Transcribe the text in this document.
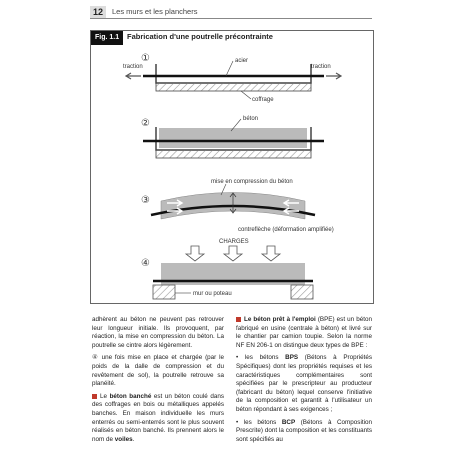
12	Les murs et les planchers
①
traction	traction
acier
coffrage
②	béton
③
mise en compression du béton
contreflèche (déformation amplifiée)
④
CHARGES
mur ou poteau
Fig. 1.1	Fabrication d'une poutrelle précontrainte

adhèrent au béton ne peuvent pas retrouver leur longueur initiale. Ils provoquent, par réaction, la mise en compression du béton. La poutrelle se cintre alors légèrement.

④ une fois mise en place et chargée (par le poids de la dalle de compression et du revêtement de sol), la poutrelle retrouve sa planéité.

Le béton banché est un béton coulé dans des coffrages en bois ou métalliques appelés banches. En maison individuelle les murs enterrés ou semi-enterrés sont le plus souvent réalisés en béton banché. Ils prennent alors le nom de voiles.

Le béton prêt à l'emploi (BPE) est un béton fabriqué en usine (centrale à béton) et livré sur le chantier par camion toupie. Selon la norme NF EN 206-1 on distingue deux types de BPE :

• les bétons BPS (Bétons à Propriétés Spécifiques) dont les propriétés requises et les caractéristiques complémentaires sont spécifiées par le prescripteur au producteur (fabricant du béton) lequel conserve l'initiative de la composition et garantit à l'utilisateur un béton répondant à ses exigences ;

• les bétons BCP (Bétons à Composition Prescrite) dont la composition et les constituants sont spécifiés au
